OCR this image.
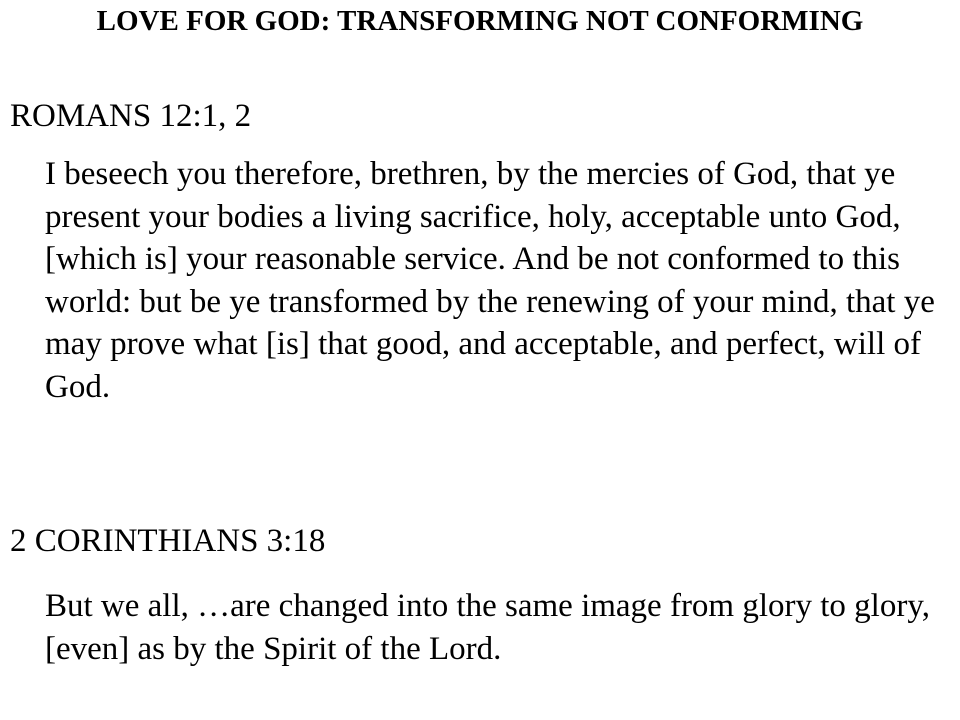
LOVE FOR GOD: TRANSFORMING NOT CONFORMING

ROMANS 12:1, 2

I beseech you therefore, brethren, by the mercies of God, that ye present your bodies a living sacrifice, holy, acceptable unto God, [which is] your reasonable service. And be not conformed to this world: but be ye transformed by the renewing of your mind, that ye may prove what [is] that good, and acceptable, and perfect, will of God.

2 CORINTHIANS 3:18

But we all, …are changed into the same image from glory to glory, [even] as by the Spirit of the Lord.
